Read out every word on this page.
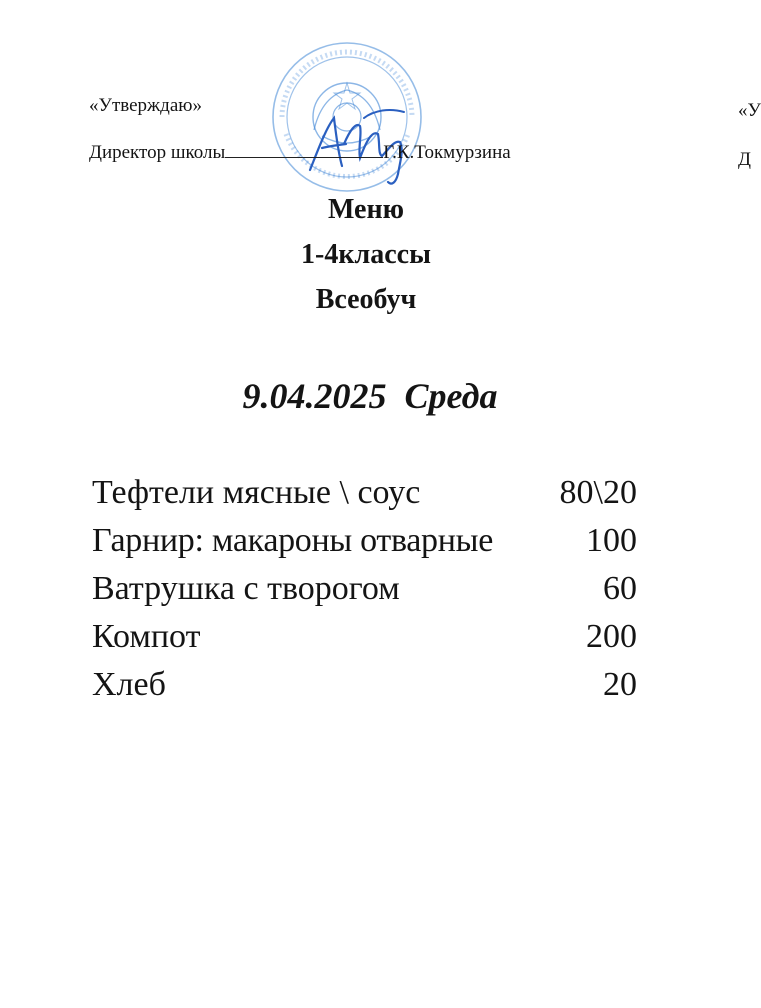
«Утверждаю»
Директор школы	Г.К.Токмурзина
«У
Д
Меню
1-4классы
Всеобуч
9.04.2025  Среда
Тефтели мясные \ соус	80\20
Гарнир: макароны отварные	100
Ватрушка с творогом	60
Компот	200
Хлеб	20
